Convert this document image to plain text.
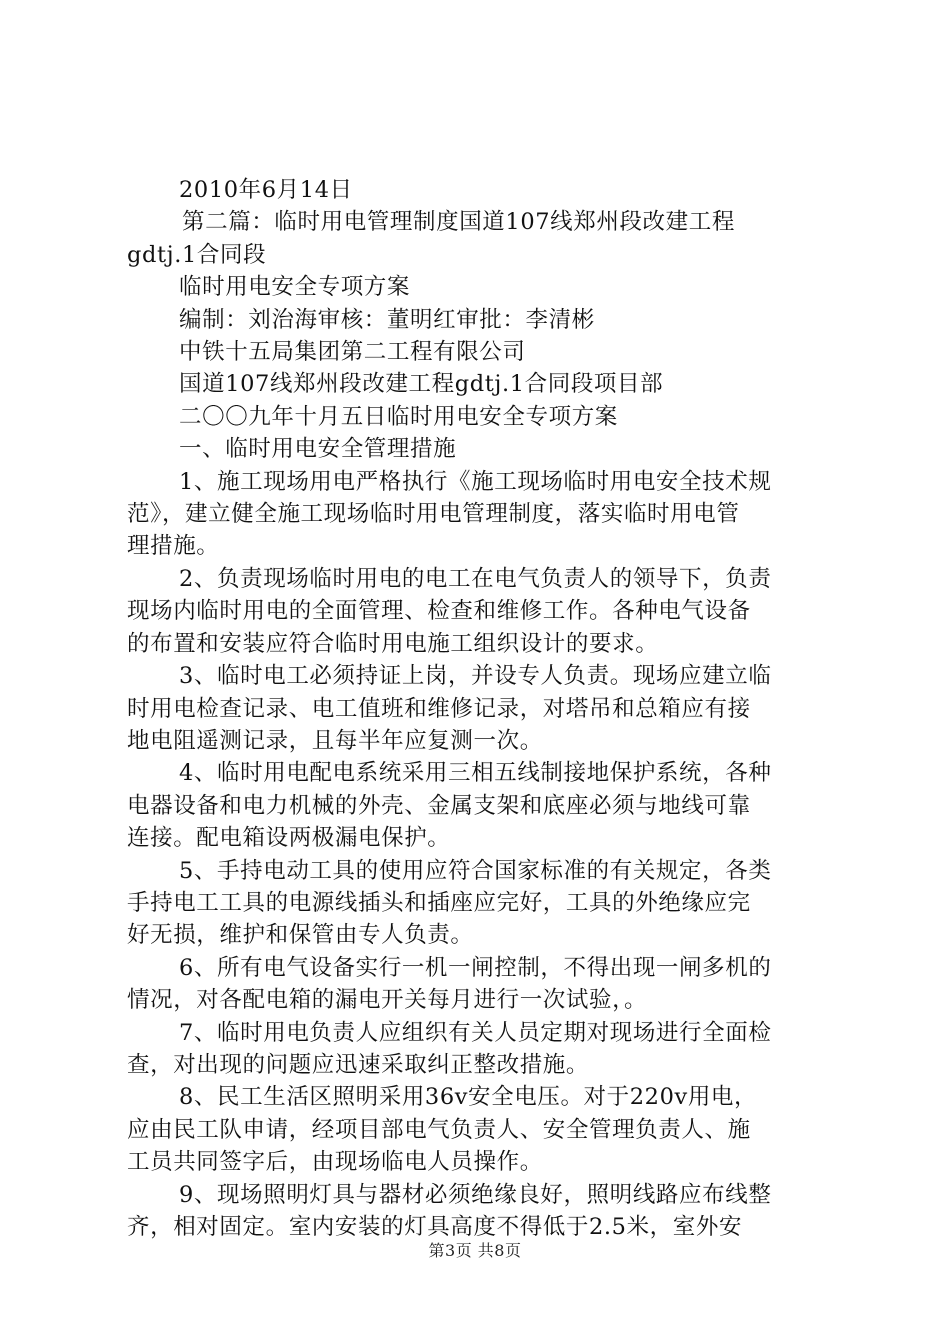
2010年6月14日
第二篇：临时用电管理制度国道107线郑州段改建工程
gdtj.1合同段
临时用电安全专项方案
编制：刘治海审核：董明红审批：李清彬
中铁十五局集团第二工程有限公司
国道107线郑州段改建工程gdtj.1合同段项目部
二〇〇九年十月五日临时用电安全专项方案
一、临时用电安全管理措施
1、施工现场用电严格执行《施工现场临时用电安全技术规
范》，建立健全施工现场临时用电管理制度，落实临时用电管
理措施。
2、负责现场临时用电的电工在电气负责人的领导下，负责
现场内临时用电的全面管理、检查和维修工作。各种电气设备
的布置和安装应符合临时用电施工组织设计的要求。
3、临时电工必须持证上岗，并设专人负责。现场应建立临
时用电检查记录、电工值班和维修记录，对塔吊和总箱应有接
地电阻遥测记录，且每半年应复测一次。
4、临时用电配电系统采用三相五线制接地保护系统，各种
电器设备和电力机械的外壳、金属支架和底座必须与地线可靠
连接。配电箱设两极漏电保护。
5、手持电动工具的使用应符合国家标准的有关规定，各类
手持电工工具的电源线插头和插座应完好，工具的外绝缘应完
好无损，维护和保管由专人负责。
6、所有电气设备实行一机一闸控制，不得出现一闸多机的
情况，对各配电箱的漏电开关每月进行一次试验，。
7、临时用电负责人应组织有关人员定期对现场进行全面检
查，对出现的问题应迅速采取纠正整改措施。
8、民工生活区照明采用36v安全电压。对于220v用电，
应由民工队申请，经项目部电气负责人、安全管理负责人、施
工员共同签字后，由现场临电人员操作。
9、现场照明灯具与器材必须绝缘良好，照明线路应布线整
齐，相对固定。室内安装的灯具高度不得低于2.5米，室外安
第3页 共8页
